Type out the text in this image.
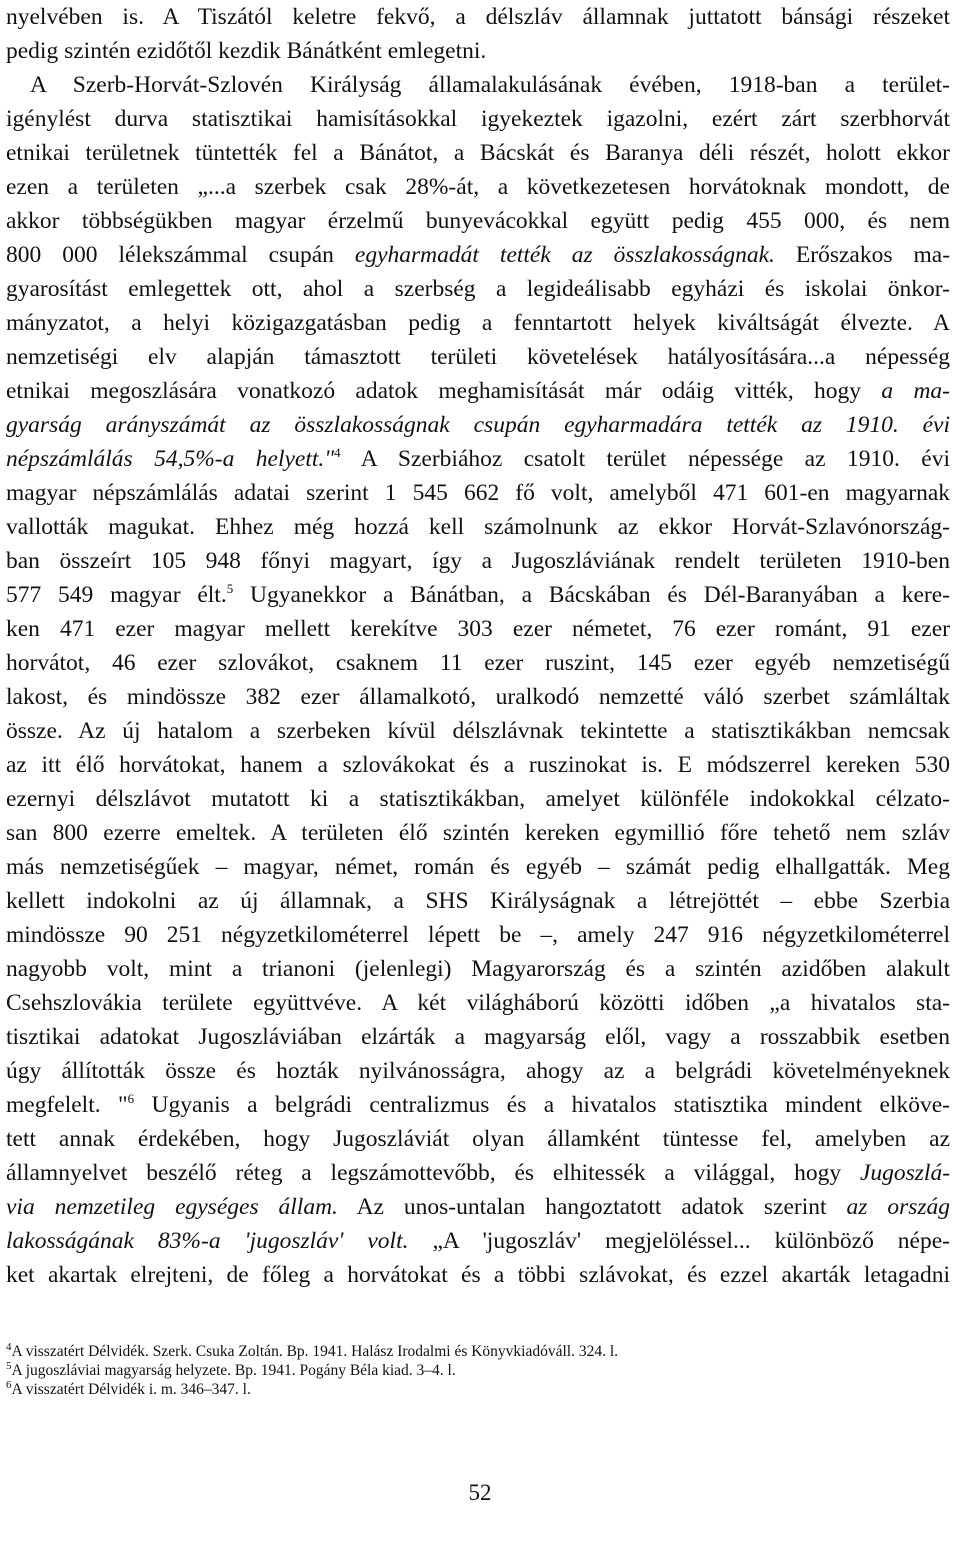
nyelvében is. A Tiszától keletre fekvő, a délszláv államnak juttatott bánsági részeket
pedig szintén ezidőtől kezdik Bánátként emlegetni.
A Szerb-Horvát-Szlovén Királyság államalakulásának évében, 1918-ban a terület-
igénylést durva statisztikai hamisításokkal igyekeztek igazolni, ezért zárt szerbhorvát
etnikai területnek tüntették fel a Bánátot, a Bácskát és Baranya déli részét, holott ekkor
ezen a területen „...a szerbek csak 28%-át, a következetesen horvátoknak mondott, de
akkor többségükben magyar érzelmű bunyevácokkal együtt pedig 455 000, és nem
800 000 lélekszámmal csupán egyharmadát tették az összlakosságnak. Erőszakos ma-
gyarosítást emlegettek ott, ahol a szerbség a legideálisabb egyházi és iskolai önkor-
mányzatot, a helyi közigazgatásban pedig a fenntartott helyek kiváltságát élvezte. A
nemzetiségi elv alapján támasztott területi követelések hatályosítására...a népesség
etnikai megoszlására vonatkozó adatok meghamisítását már odáig vitték, hogy a ma-
gyarság arányszámát az összlakosságnak csupán egyharmadára tették az 1910. évi
népszámlálás 54,5%-a helyett."$^4$ A Szerbiához csatolt terület népessége az 1910. évi
magyar népszámlálás adatai szerint 1 545 662 fő volt, amelyből 471 601-en magyarnak
vallották magukat. Ehhez még hozzá kell számolnunk az ekkor Horvát-Szlavónország-
ban összeírt 105 948 főnyi magyart, így a Jugoszláviának rendelt területen 1910-ben
577 549 magyar élt.$^5$ Ugyanekkor a Bánátban, a Bácskában és Dél-Baranyában a kere-
ken 471 ezer magyar mellett kerekítve 303 ezer németet, 76 ezer románt, 91 ezer
horvátot, 46 ezer szlovákot, csaknem 11 ezer ruszint, 145 ezer egyéb nemzetiségű
lakost, és mindössze 382 ezer államalkotó, uralkodó nemzetté váló szerbet számláltak
össze. Az új hatalom a szerbeken kívül délszlávnak tekintette a statisztikákban nemcsak
az itt élő horvátokat, hanem a szlovákokat és a ruszinokat is. E módszerrel kereken 530
ezernyi délszlávot mutatott ki a statisztikákban, amelyet különféle indokokkal célzato-
san 800 ezerre emeltek. A területen élő szintén kereken egymillió főre tehető nem szláv
más nemzetiségűek – magyar, német, román és egyéb – számát pedig elhallgatták. Meg
kellett indokolni az új államnak, a SHS Királyságnak a létrejöttét – ebbe Szerbia
mindössze 90 251 négyzetkilométerrel lépett be –, amely 247 916 négyzetkilométerrel
nagyobb volt, mint a trianoni (jelenlegi) Magyarország és a szintén azidőben alakult
Csehszlovákia területe együttvéve. A két világháború közötti időben „a hivatalos sta-
tisztikai adatokat Jugoszláviában elzárták a magyarság elől, vagy a rosszabbik esetben
úgy állították össze és hozták nyilvánosságra, ahogy az a belgrádi követelményeknek
megfelelt. "$^6$ Ugyanis a belgrádi centralizmus és a hivatalos statisztika mindent elköve-
tett annak érdekében, hogy Jugoszláviát olyan államként tüntesse fel, amelyben az
államnyelvet beszélő réteg a legszámottevőbb, és elhitessék a világgal, hogy Jugoszlá-
via nemzetileg egységes állam. Az unos-untalan hangoztatott adatok szerint az ország
lakosságának 83%-a 'jugoszláv' volt. „A 'jugoszláv' megjelöléssel... különböző népe-
ket akartak elrejteni, de főleg a horvátokat és a többi szlávokat, és ezzel akarták letagadni
$^4$A visszatért Délvidék. Szerk. Csuka Zoltán. Bp. 1941. Halász Irodalmi és Könyvkiadóváll. 324. l.
$^5$A jugoszláviai magyarság helyzete. Bp. 1941. Pogány Béla kiad. 3–4. l.
$^6$A visszatért Délvidék i. m. 346–347. l.
52
